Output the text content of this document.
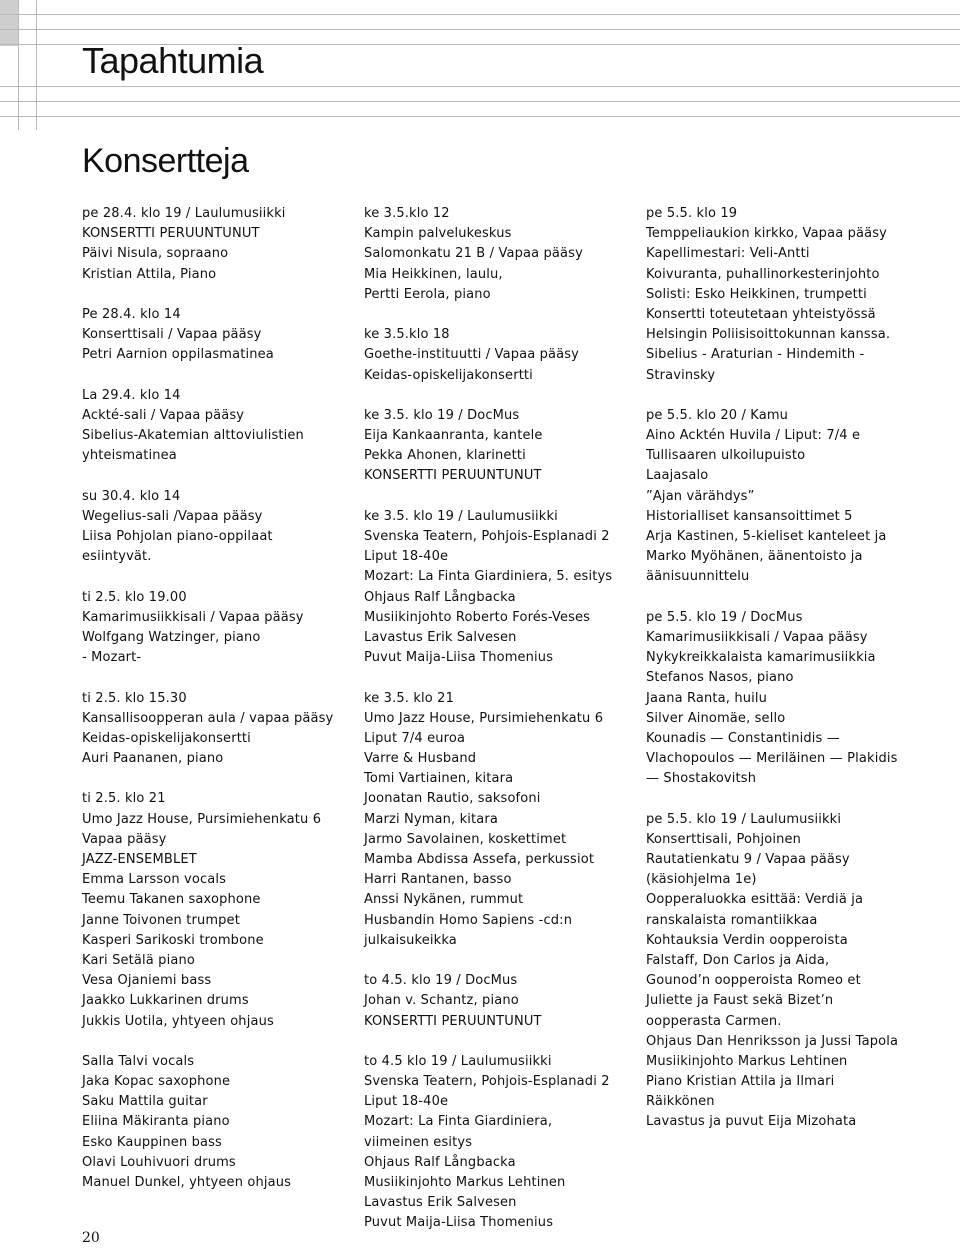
Tapahtumia
Konsertteja
pe 28.4. klo 19 / Laulumusiikki
KONSERTTI PERUUNTUNUT
Päivi Nisula, sopraano
Kristian Attila, Piano
Pe 28.4. klo 14
Konserttisali / Vapaa pääsy
Petri Aarnion oppilasmatinea
La 29.4. klo 14
Ackté-sali / Vapaa pääsy
Sibelius-Akatemian alttoviulistien
yhteismatinea
su 30.4. klo 14
Wegelius-sali /Vapaa pääsy
Liisa Pohjolan piano-oppilaat
esiintyvät.
ti 2.5. klo 19.00
Kamarimusiikkisali / Vapaa pääsy
Wolfgang Watzinger, piano
- Mozart-
ti 2.5. klo 15.30
Kansallisoopperan aula / vapaa pääsy
Keidas-opiskelijakonsertti
Auri Paananen, piano
ti 2.5. klo 21
Umo Jazz House, Pursimiehenkatu 6
Vapaa pääsy
JAZZ-ENSEMBLET
Emma Larsson vocals
Teemu Takanen saxophone
Janne Toivonen trumpet
Kasperi Sarikoski trombone
Kari Setälä piano
Vesa Ojaniemi bass
Jaakko Lukkarinen drums
Jukkis Uotila, yhtyeen ohjaus
Salla Talvi vocals
Jaka Kopac saxophone
Saku Mattila guitar
Eliina Mäkiranta piano
Esko Kauppinen bass
Olavi Louhivuori drums
Manuel Dunkel, yhtyeen ohjaus
ke 3.5.klo 12
Kampin palvelukeskus
Salomonkatu 21 B / Vapaa pääsy
Mia Heikkinen, laulu,
Pertti Eerola, piano
ke 3.5.klo 18
Goethe-instituutti / Vapaa pääsy
Keidas-opiskelijakonsertti
ke 3.5. klo 19 / DocMus
Eija Kankaanranta, kantele
Pekka Ahonen, klarinetti
KONSERTTI PERUUNTUNUT
ke 3.5. klo 19 / Laulumusiikki
Svenska Teatern, Pohjois-Esplanadi 2
Liput 18-40e
Mozart: La Finta Giardiniera, 5. esitys
Ohjaus Ralf Långbacka
Musiikinjohto Roberto Forés-Veses
Lavastus Erik Salvesen
Puvut Maija-Liisa Thomenius
ke 3.5. klo 21
Umo Jazz House, Pursimiehenkatu 6
Liput 7/4 euroa
Varre & Husband
Tomi Vartiainen, kitara
Joonatan Rautio, saksofoni
Marzi Nyman, kitara
Jarmo Savolainen, koskettimet
Mamba Abdissa Assefa, perkussiot
Harri Rantanen, basso
Anssi Nykänen, rummut
Husbandin Homo Sapiens -cd:n
julkaisukeikka
to 4.5. klo 19 / DocMus
Johan v. Schantz, piano
KONSERTTI PERUUNTUNUT
to 4.5 klo 19 / Laulumusiikki
Svenska Teatern, Pohjois-Esplanadi 2
Liput 18-40e
Mozart: La Finta Giardiniera,
viimeinen esitys
Ohjaus Ralf Långbacka
Musiikinjohto Markus Lehtinen
Lavastus Erik Salvesen
Puvut Maija-Liisa Thomenius
pe 5.5. klo 19
Temppeliaukion kirkko, Vapaa pääsy
Kapellimestari: Veli-Antti
Koivuranta, puhallinorkesterinjohto
Solisti: Esko Heikkinen, trumpetti
Konsertti toteutetaan yhteistyössä
Helsingin Poliisisoittokunnan kanssa.
Sibelius - Araturian - Hindemith -
Stravinsky
pe 5.5. klo 20 / Kamu
Aino Acktén Huvila / Liput: 7/4 e
Tullisaaren ulkoilupuisto
Laajasalo
”Ajan värähdys”
Historialliset kansansoittimet 5
Arja Kastinen, 5-kieliset kanteleet ja
Marko Myöhänen, äänentoisto ja
äänisuunnittelu
pe 5.5. klo 19 / DocMus
Kamarimusiikkisali / Vapaa pääsy
Nykykreikkalaista kamarimusiikkia
Stefanos Nasos, piano
Jaana Ranta, huilu
Silver Ainomäe, sello
Kounadis — Constantinidis —
Vlachopoulos — Meriläinen — Plakidis
— Shostakovitsh
pe 5.5. klo 19 / Laulumusiikki
Konserttisali, Pohjoinen
Rautatienkatu 9 / Vapaa pääsy
(käsiohjelma 1e)
Oopperaluokka esittää: Verdiä ja
ranskalaista romantiikkaa
Kohtauksia Verdin oopperoista
Falstaff, Don Carlos ja Aida,
Gounod’n oopperoista Romeo et
Juliette ja Faust sekä Bizet’n
oopperasta Carmen.
Ohjaus Dan Henriksson ja Jussi Tapola
Musiikinjohto Markus Lehtinen
Piano Kristian Attila ja Ilmari
Räikkönen
Lavastus ja puvut Eija Mizohata
20
